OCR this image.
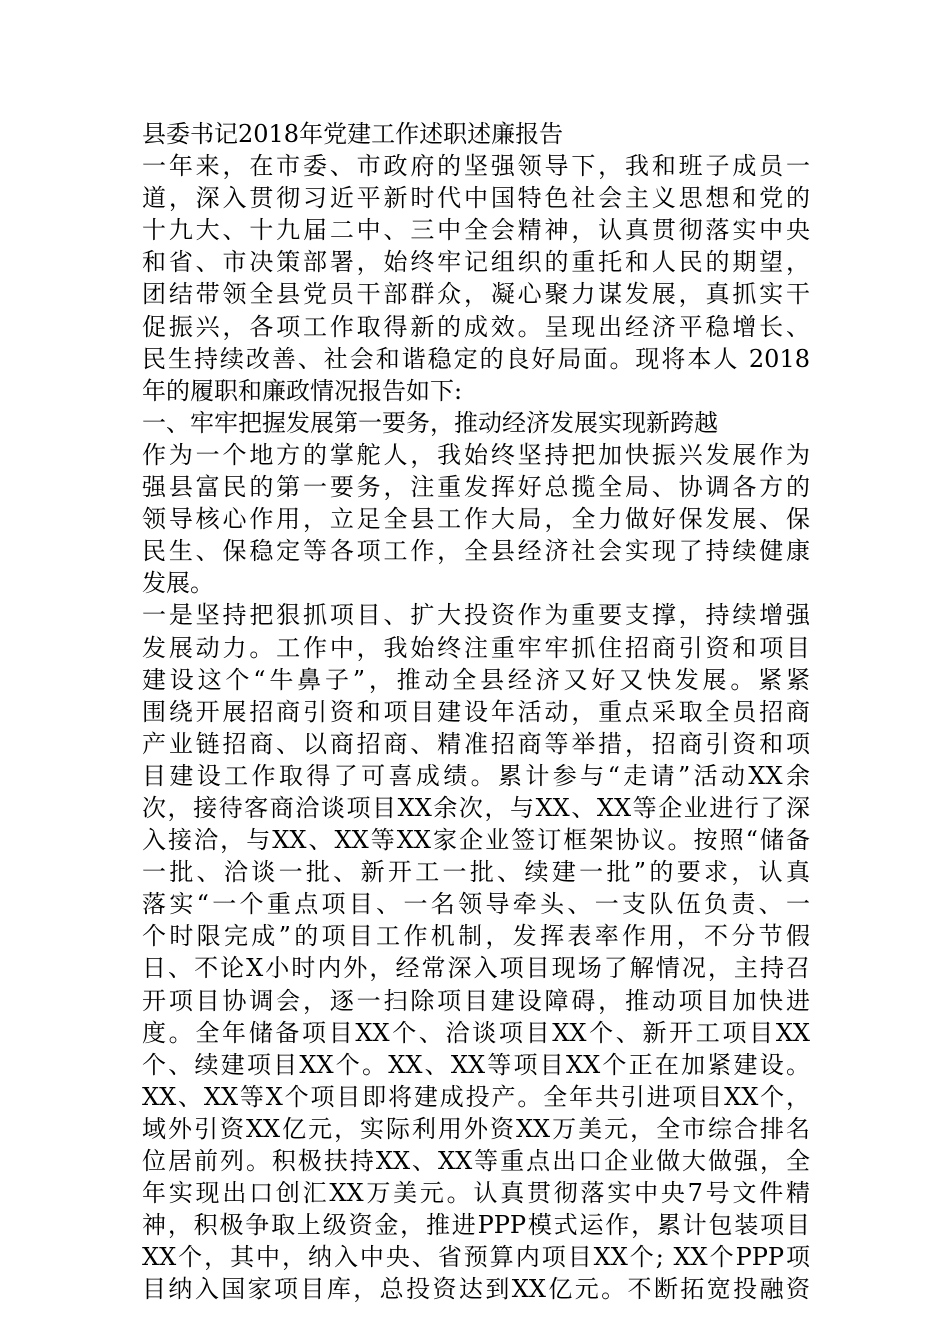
县委书记2018年党建工作述职述廉报告
一年来，在市委、市政府的坚强领导下，我和班子成员一
道，深入贯彻习近平新时代中国特色社会主义思想和党的
十九大、十九届二中、三中全会精神，认真贯彻落实中央
和省、市决策部署，始终牢记组织的重托和人民的期望，
团结带领全县党员干部群众，凝心聚力谋发展，真抓实干
促振兴，各项工作取得新的成效。呈现出经济平稳增长、
民生持续改善、社会和谐稳定的良好局面。现将本人 2018
年的履职和廉政情况报告如下:
一、牢牢把握发展第一要务，推动经济发展实现新跨越
作为一个地方的掌舵人，我始终坚持把加快振兴发展作为
强县富民的第一要务，注重发挥好总揽全局、协调各方的
领导核心作用，立足全县工作大局，全力做好保发展、保
民生、保稳定等各项工作，全县经济社会实现了持续健康
发展。
一是坚持把狠抓项目、扩大投资作为重要支撑，持续增强
发展动力。工作中，我始终注重牢牢抓住招商引资和项目
建设这个“牛鼻子”，推动全县经济又好又快发展。紧紧
围绕开展招商引资和项目建设年活动，重点采取全员招商
产业链招商、以商招商、精准招商等举措，招商引资和项
目建设工作取得了可喜成绩。累计参与“走请”活动XX余
次，接待客商洽谈项目XX余次，与XX、XX等企业进行了深
入接洽，与XX、XX等XX家企业签订框架协议。按照“储备
一批、洽谈一批、新开工一批、续建一批”的要求，认真
落实“一个重点项目、一名领导牵头、一支队伍负责、一
个时限完成”的项目工作机制，发挥表率作用，不分节假
日、不论X小时内外，经常深入项目现场了解情况，主持召
开项目协调会，逐一扫除项目建设障碍，推动项目加快进
度。全年储备项目XX个、洽谈项目XX个、新开工项目XX
个、续建项目XX个。XX、XX等项目XX个正在加紧建设。
XX、XX等X个项目即将建成投产。全年共引进项目XX个，
域外引资XX亿元，实际利用外资XX万美元，全市综合排名
位居前列。积极扶持XX、XX等重点出口企业做大做强，全
年实现出口创汇XX万美元。认真贯彻落实中央7号文件精
神，积极争取上级资金，推进PPP模式运作，累计包装项目
XX个，其中，纳入中央、省预算内项目XX个; XX个PPP项
目纳入国家项目库，总投资达到XX亿元。不断拓宽投融资
